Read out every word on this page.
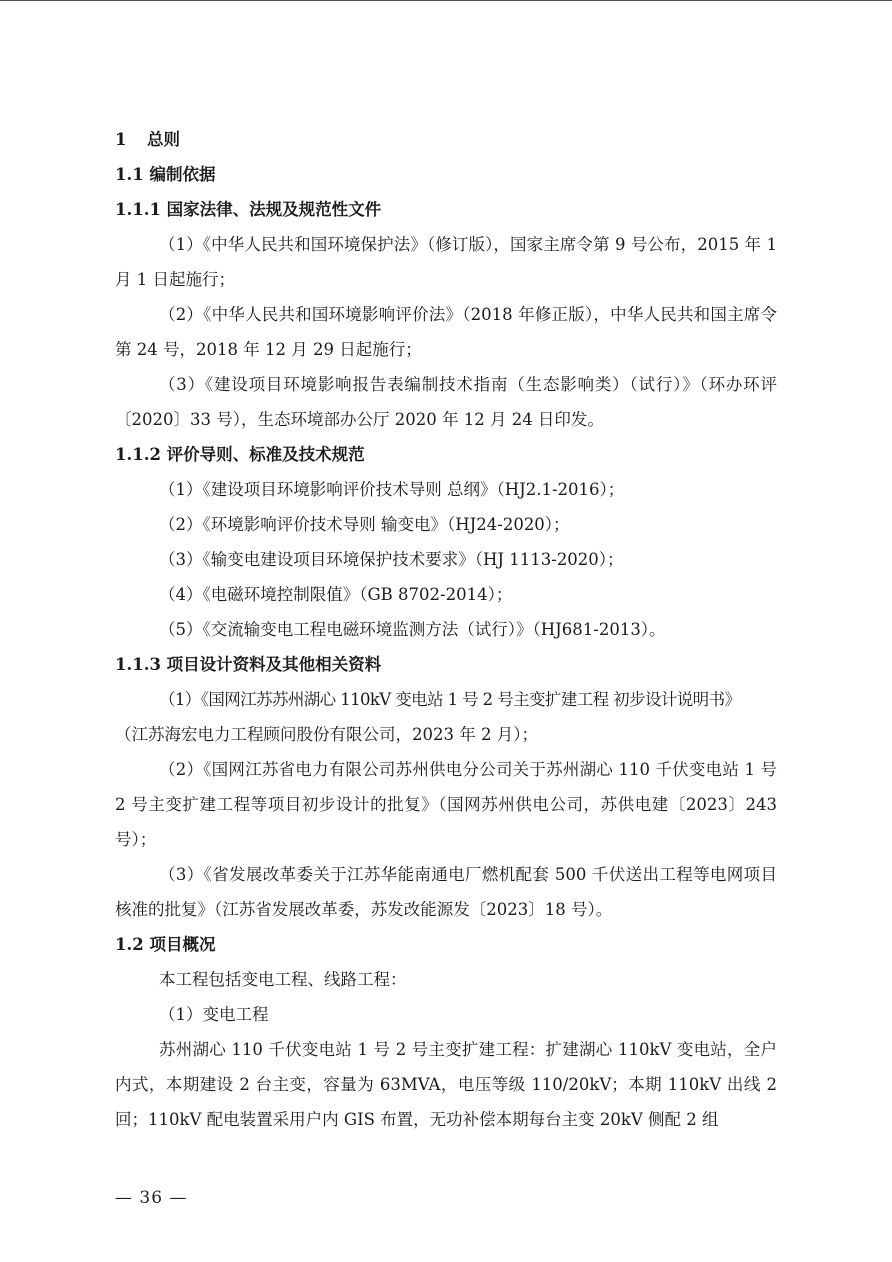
1 总则
1.1 编制依据
1.1.1 国家法律、法规及规范性文件

（1）《中华人民共和国环境保护法》（修订版），国家主席令第 9 号公布，2015 年 1 月 1 日起施行；

（2）《中华人民共和国环境影响评价法》（2018 年修正版），中华人民共和国主席令第 24 号，2018 年 12 月 29 日起施行；

（3）《建设项目环境影响报告表编制技术指南（生态影响类）（试行）》（环办环评〔2020〕33 号），生态环境部办公厅 2020 年 12 月 24 日印发。

1.1.2 评价导则、标准及技术规范

（1）《建设项目环境影响评价技术导则 总纲》（HJ2.1-2016）；

（2）《环境影响评价技术导则 输变电》（HJ24-2020）；

（3）《输变电建设项目环境保护技术要求》（HJ 1113-2020）；

（4）《电磁环境控制限值》（GB 8702-2014）；

（5）《交流输变电工程电磁环境监测方法（试行）》（HJ681-2013）。

1.1.3 项目设计资料及其他相关资料

（1）《国网江苏苏州湖心 110kV 变电站 1 号 2 号主变扩建工程 初步设计说明书》

（江苏海宏电力工程顾问股份有限公司，2023 年 2 月）；

（2）《国网江苏省电力有限公司苏州供电分公司关于苏州湖心 110 千伏变电站 1 号 2 号主变扩建工程等项目初步设计的批复》（国网苏州供电公司，苏供电建〔2023〕243 号）；

（3）《省发展改革委关于江苏华能南通电厂燃机配套 500 千伏送出工程等电网项目核准的批复》（江苏省发展改革委，苏发改能源发〔2023〕18 号）。

1.2 项目概况

本工程包括变电工程、线路工程：

（1）变电工程

苏州湖心 110 千伏变电站 1 号 2 号主变扩建工程：扩建湖心 110kV 变电站，全户内式，本期建设 2 台主变，容量为 63MVA，电压等级 110/20kV；本期 110kV 出线 2 回；110kV 配电装置采用户内 GIS 布置，无功补偿本期每台主变 20kV 侧配 2 组

— 36 —
